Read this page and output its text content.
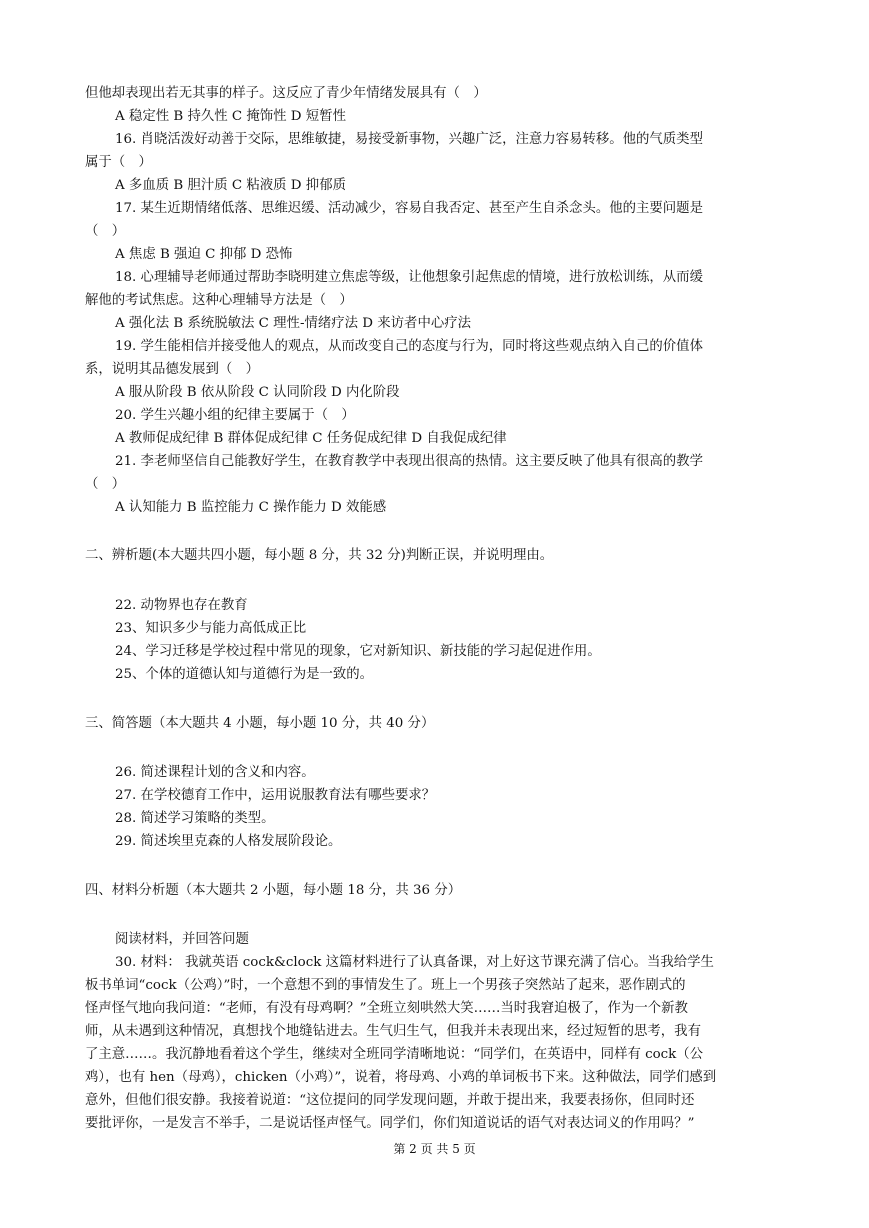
但他却表现出若无其事的样子。这反应了青少年情绪发展具有（　）
A 稳定性 B 持久性 C 掩饰性 D 短暂性
16. 肖晓活泼好动善于交际，思维敏捷，易接受新事物，兴趣广泛，注意力容易转移。他的气质类型
属于（　）
A 多血质 B 胆汁质 C 粘液质 D 抑郁质
17. 某生近期情绪低落、思维迟缓、活动减少，容易自我否定、甚至产生自杀念头。他的主要问题是
（　）
A 焦虑 B 强迫 C 抑郁 D 恐怖
18. 心理辅导老师通过帮助李晓明建立焦虑等级，让他想象引起焦虑的情境，进行放松训练，从而缓
解他的考试焦虑。这种心理辅导方法是（　）
A 强化法 B 系统脱敏法 C 理性-情绪疗法 D 来访者中心疗法
19. 学生能相信并接受他人的观点，从而改变自己的态度与行为，同时将这些观点纳入自己的价值体
系，说明其品德发展到（　）
A 服从阶段 B 依从阶段 C 认同阶段 D 内化阶段
20. 学生兴趣小组的纪律主要属于（　）
A 教师促成纪律 B 群体促成纪律 C 任务促成纪律 D 自我促成纪律
21. 李老师坚信自己能教好学生，在教育教学中表现出很高的热情。这主要反映了他具有很高的教学
（　）
A 认知能力 B 监控能力 C 操作能力 D 效能感
二、辨析题(本大题共四小题，每小题 8 分，共 32 分)判断正误，并说明理由。
22. 动物界也存在教育
23、知识多少与能力高低成正比
24、学习迁移是学校过程中常见的现象，它对新知识、新技能的学习起促进作用。
25、个体的道德认知与道德行为是一致的。
三、简答题（本大题共 4 小题，每小题 10 分，共 40 分）
26. 简述课程计划的含义和内容。
27. 在学校德育工作中，运用说服教育法有哪些要求？
28. 简述学习策略的类型。
29. 简述埃里克森的人格发展阶段论。
四、材料分析题（本大题共 2 小题，每小题 18 分，共 36 分）
阅读材料，并回答问题
30. 材料： 我就英语 cock&clock 这篇材料进行了认真备课，对上好这节课充满了信心。当我给学生
板书单词“cock（公鸡）”时，一个意想不到的事情发生了。班上一个男孩子突然站了起来，恶作剧式的
怪声怪气地向我问道：“老师，有没有母鸡啊？”全班立刻哄然大笑……当时我窘迫极了，作为一个新教
师，从未遇到这种情况，真想找个地缝钻进去。生气归生气，但我并未表现出来，经过短暂的思考，我有
了主意……。我沉静地看着这个学生，继续对全班同学清晰地说：“同学们，在英语中，同样有 cock（公
鸡），也有 hen（母鸡），chicken（小鸡）”，说着，将母鸡、小鸡的单词板书下来。这种做法，同学们感到
意外，但他们很安静。我接着说道：“这位提问的同学发现问题，并敢于提出来，我要表扬你，但同时还
要批评你，一是发言不举手，二是说话怪声怪气。同学们，你们知道说话的语气对表达词义的作用吗？”
第 2 页 共 5 页
